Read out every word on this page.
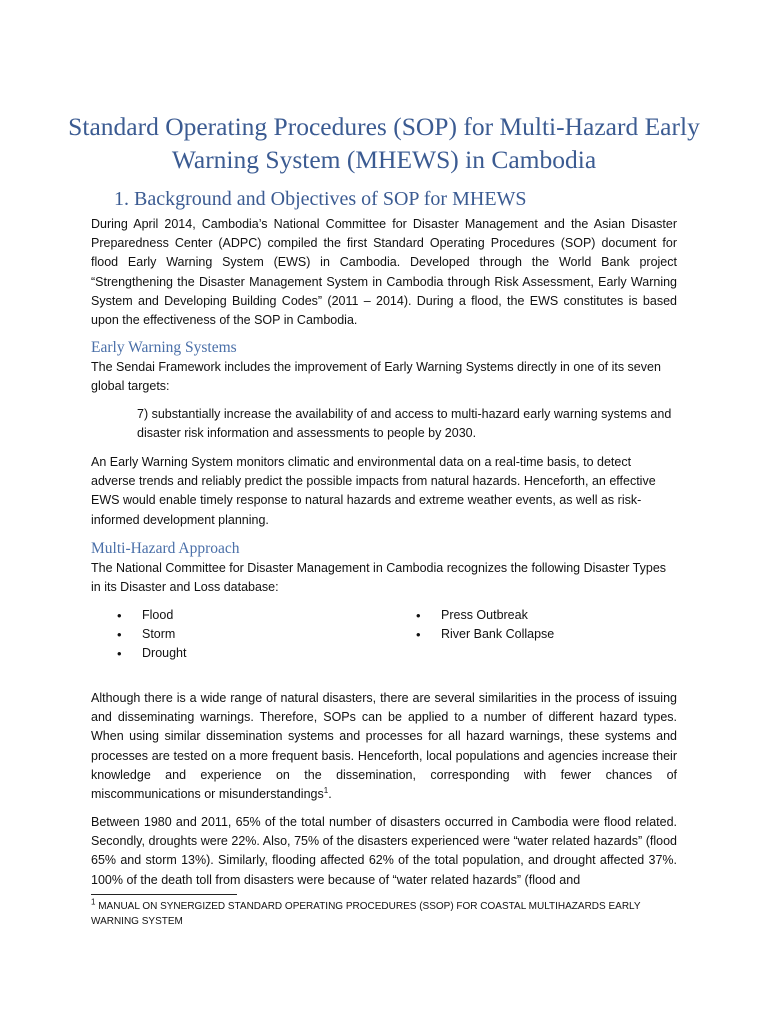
Standard Operating Procedures (SOP) for Multi-Hazard Early Warning System (MHEWS) in Cambodia
1. Background and Objectives of SOP for MHEWS

During April 2014, Cambodia’s National Committee for Disaster Management and the Asian Disaster Preparedness Center (ADPC) compiled the first Standard Operating Procedures (SOP) document for flood Early Warning System (EWS) in Cambodia. Developed through the World Bank project “Strengthening the Disaster Management System in Cambodia through Risk Assessment, Early Warning System and Developing Building Codes” (2011 – 2014). During a flood, the EWS constitutes is based upon the effectiveness of the SOP in Cambodia.

Early Warning Systems

The Sendai Framework includes the improvement of Early Warning Systems directly in one of its seven global targets:

7) substantially increase the availability of and access to multi-hazard early warning systems and disaster risk information and assessments to people by 2030.

An Early Warning System monitors climatic and environmental data on a real-time basis, to detect adverse trends and reliably predict the possible impacts from natural hazards. Henceforth, an effective EWS would enable timely response to natural hazards and extreme weather events, as well as risk-informed development planning.

Multi-Hazard Approach

The National Committee for Disaster Management in Cambodia recognizes the following Disaster Types in its Disaster and Loss database:

• Flood
• Storm
• Drought
• Press Outbreak
• River Bank Collapse

Although there is a wide range of natural disasters, there are several similarities in the process of issuing and disseminating warnings. Therefore, SOPs can be applied to a number of different hazard types. When using similar dissemination systems and processes for all hazard warnings, these systems and processes are tested on a more frequent basis. Henceforth, local populations and agencies increase their knowledge and experience on the dissemination, corresponding with fewer chances of miscommunications or misunderstandings$^1$.

Between 1980 and 2011, 65% of the total number of disasters occurred in Cambodia were flood related. Secondly, droughts were 22%. Also, 75% of the disasters experienced were “water related hazards” (flood 65% and storm 13%). Similarly, flooding affected 62% of the total population, and drought affected 37%. 100% of the death toll from disasters were because of “water related hazards” (flood and

$^1$ MANUAL ON SYNERGIZED STANDARD OPERATING PROCEDURES (SSOP) FOR COASTAL MULTIHAZARDS EARLY WARNING SYSTEM
